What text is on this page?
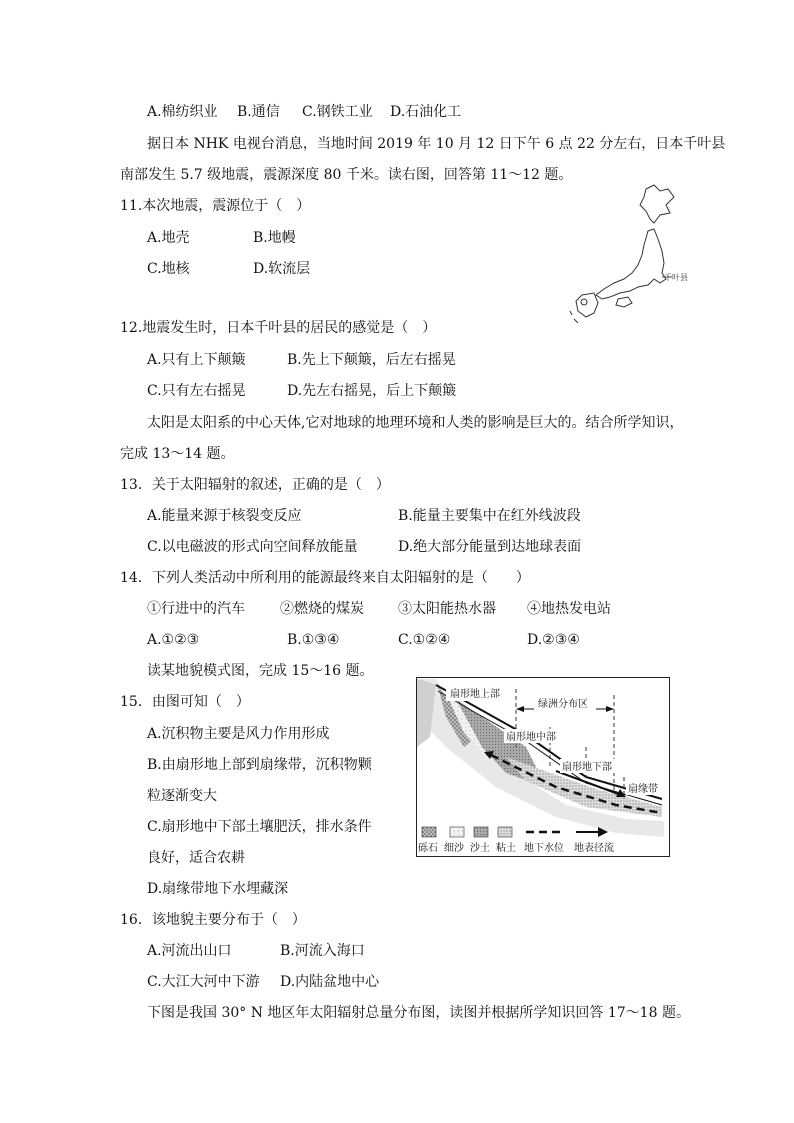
A.棉纺织业 B.通信 C.钢铁工业 D.石油化工
据日本 NHK 电视台消息，当地时间 2019 年 10 月 12 日下午 6 点 22 分左右，日本千叶县
南部发生 5.7 级地震，震源深度 80 千米。读右图，回答第 11～12 题。
11.本次地震，震源位于（　）
A.地壳	B.地幔
C.地核	D.软流层
千叶县
12.地震发生时，日本千叶县的居民的感觉是（　）
A.只有上下颠簸	B.先上下颠簸，后左右摇晃
C.只有左右摇晃	D.先左右摇晃，后上下颠簸
太阳是太阳系的中心天体,它对地球的地理环境和人类的影响是巨大的。结合所学知识，
完成 13～14 题。
13．关于太阳辐射的叙述，正确的是（　）
A.能量来源于核裂变反应	B.能量主要集中在红外线波段
C.以电磁波的形式向空间释放能量	D.绝大部分能量到达地球表面
14．下列人类活动中所利用的能源最终来自太阳辐射的是（　　）
①行进中的汽车	②燃烧的煤炭 ③太阳能热水器 ④地热发电站
A.①②③	B.①③④	C.①②④	D.②③④
读某地貌模式图，完成 15～16 题。
15．由图可知（　）
A.沉积物主要是风力作用形成
B.由扇形地上部到扇缘带，沉积物颗
粒逐渐变大
C.扇形地中下部土壤肥沃，排水条件
良好，适合农耕
D.扇缘带地下水埋藏深
扇形地上部
绿洲分布区
扇形地中部
扇形地下部
扇缘带
砾石 细沙 沙土 粘土 地下水位 地表径流
16．该地貌主要分布于（　）
A.河流出山口	B.河流入海口
C.大江大河中下游 D.内陆盆地中心
下图是我国 30° N 地区年太阳辐射总量分布图，读图并根据所学知识回答 17～18 题。
